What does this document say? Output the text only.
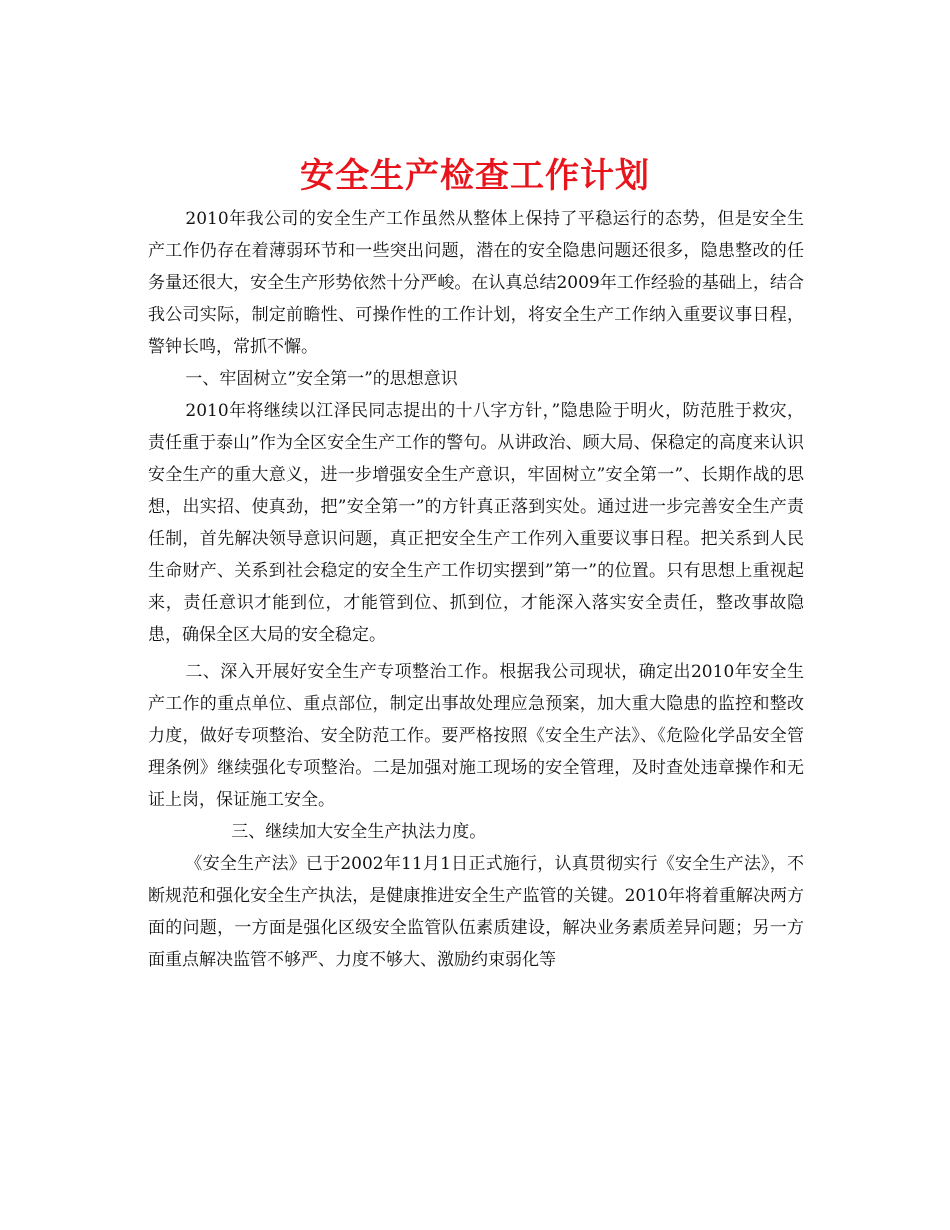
安全生产检查工作计划

2010年我公司的安全生产工作虽然从整体上保持了平稳运行的态势，但是安全生产工作仍存在着薄弱环节和一些突出问题，潜在的安全隐患问题还很多，隐患整改的任务量还很大，安全生产形势依然十分严峻。在认真总结2009年工作经验的基础上，结合我公司实际，制定前瞻性、可操作性的工作计划，将安全生产工作纳入重要议事日程，警钟长鸣，常抓不懈。

一、牢固树立”安全第一”的思想意识

2010年将继续以江泽民同志提出的十八字方针，”隐患险于明火，防范胜于救灾，责任重于泰山”作为全区安全生产工作的警句。从讲政治、顾大局、保稳定的高度来认识安全生产的重大意义，进一步增强安全生产意识，牢固树立”安全第一”、长期作战的思想，出实招、使真劲，把”安全第一”的方针真正落到实处。通过进一步完善安全生产责任制，首先解决领导意识问题，真正把安全生产工作列入重要议事日程。把关系到人民生命财产、关系到社会稳定的安全生产工作切实摆到”第一”的位置。只有思想上重视起来，责任意识才能到位，才能管到位、抓到位，才能深入落实安全责任，整改事故隐患，确保全区大局的安全稳定。

二、深入开展好安全生产专项整治工作。根据我公司现状，确定出2010年安全生产工作的重点单位、重点部位，制定出事故处理应急预案，加大重大隐患的监控和整改力度，做好专项整治、安全防范工作。要严格按照《安全生产法》、《危险化学品安全管理条例》继续强化专项整治。二是加强对施工现场的安全管理，及时查处违章操作和无证上岗，保证施工安全。

三、继续加大安全生产执法力度。

《安全生产法》已于2002年11月1日正式施行，认真贯彻实行《安全生产法》，不断规范和强化安全生产执法，是健康推进安全生产监管的关键。2010年将着重解决两方面的问题，一方面是强化区级安全监管队伍素质建设，解决业务素质差异问题；另一方面重点解决监管不够严、力度不够大、激励约束弱化等
